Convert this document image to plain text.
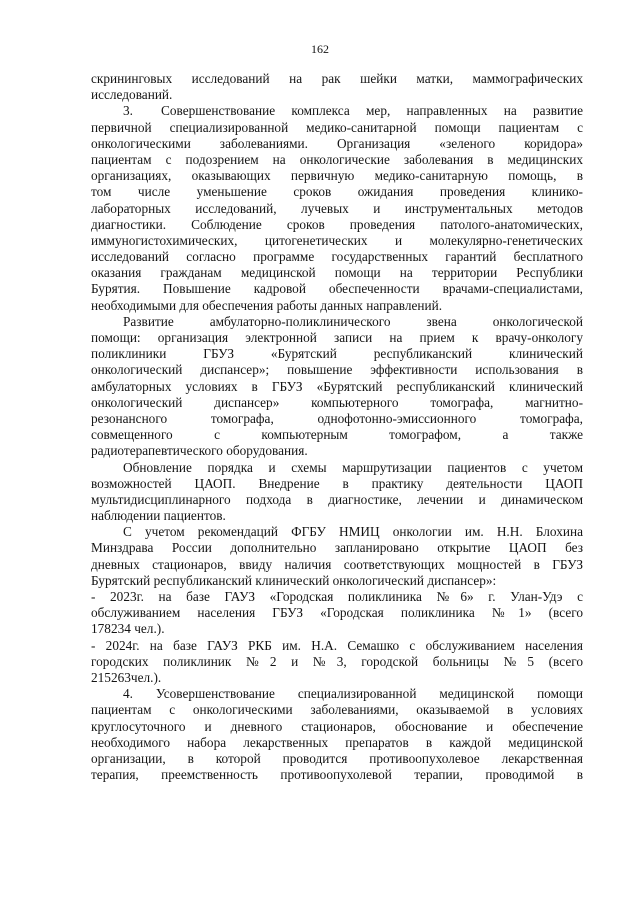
162
скрининговых исследований на рак шейки матки, маммографических
исследований.
3. Совершенствование комплекса мер, направленных на развитие
первичной специализированной медико-санитарной помощи пациентам с
онкологическими заболеваниями. Организация «зеленого коридора»
пациентам с подозрением на онкологические заболевания в медицинских
организациях, оказывающих первичную медико-санитарную помощь, в
том числе уменьшение сроков ожидания проведения клинико-
лабораторных исследований, лучевых и инструментальных методов
диагностики. Соблюдение сроков проведения патолого-анатомических,
иммуногистохимических, цитогенетических и молекулярно-генетических
исследований согласно программе государственных гарантий бесплатного
оказания гражданам медицинской помощи на территории Республики
Бурятия. Повышение кадровой обеспеченности врачами-специалистами,
необходимыми для обеспечения работы данных направлений.
Развитие амбулаторно-поликлинического звена онкологической
помощи: организация электронной записи на прием к врачу-онкологу
поликлиники ГБУЗ «Бурятский республиканский клинический
онкологический диспансер»; повышение эффективности использования в
амбулаторных условиях в ГБУЗ «Бурятский республиканский клинический
онкологический диспансер» компьютерного томографа, магнитно-
резонансного томографа, однофотонно-эмиссионного томографа,
совмещенного с компьютерным томографом, а также
радиотерапевтического оборудования.
Обновление порядка и схемы маршрутизации пациентов с учетом
возможностей ЦАОП. Внедрение в практику деятельности ЦАОП
мультидисциплинарного подхода в диагностике, лечении и динамическом
наблюдении пациентов.
С учетом рекомендаций ФГБУ НМИЦ онкологии им. Н.Н. Блохина
Минздрава России дополнительно запланировано открытие ЦАОП без
дневных стационаров, ввиду наличия соответствующих мощностей в ГБУЗ
Бурятский республиканский клинический онкологический диспансер»:
- 2023г. на базе ГАУЗ «Городская поликлиника №6» г. Улан-Удэ с
обслуживанием населения ГБУЗ «Городская поликлиника №1» (всего
178234 чел.).
- 2024г. на базе ГАУЗ РКБ им. Н.А. Семашко с обслуживанием населения
городских поликлиник №2 и №3, городской больницы №5 (всего
215263чел.).
4. Усовершенствование специализированной медицинской помощи
пациентам с онкологическими заболеваниями, оказываемой в условиях
круглосуточного и дневного стационаров, обоснование и обеспечение
необходимого набора лекарственных препаратов в каждой медицинской
организации, в которой проводится противоопухолевое лекарственная
терапия, преемственность противоопухолевой терапии, проводимой в
